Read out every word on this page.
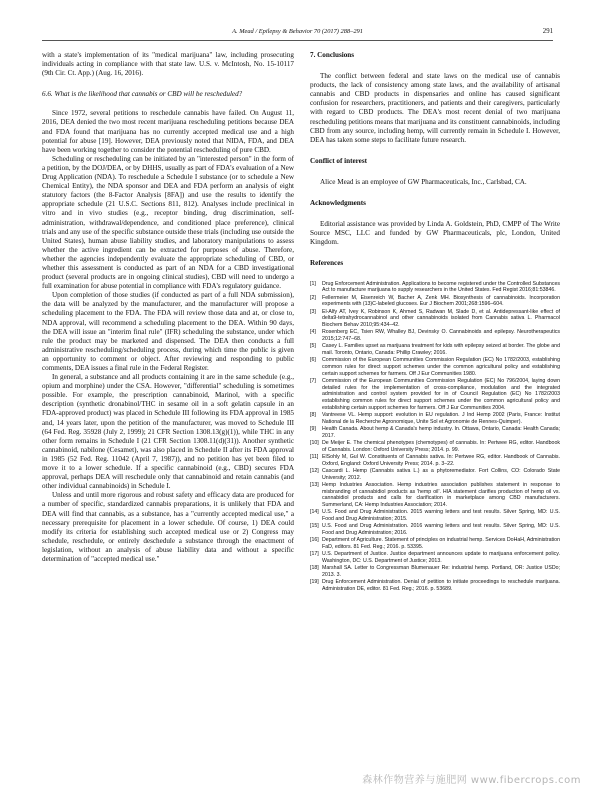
A. Mead / Epilepsy & Behavior 70 (2017) 288–291	291

with a state's implementation of its "medical marijuana" law, including prosecuting individuals acting in compliance with that state law. U.S. v. McIntosh, No. 15-10117 (9th Cir. Ct. App.) (Aug. 16, 2016).

6.6. What is the likelihood that cannabis or CBD will be rescheduled?

Since 1972, several petitions to reschedule cannabis have failed. On August 11, 2016, DEA denied the two most recent marijuana rescheduling petitions because DEA and FDA found that marijuana has no currently accepted medical use and a high potential for abuse [19]. However, DEA previously noted that NIDA, FDA, and DEA have been working together to consider the potential rescheduling of pure CBD.

Scheduling or rescheduling can be initiated by an "interested person" in the form of a petition, by the DOJ/DEA, or by DHHS, usually as part of FDA's evaluation of a New Drug Application (NDA). To reschedule a Schedule I substance (or to schedule a New Chemical Entity), the NDA sponsor and DEA and FDA perform an analysis of eight statutory factors (the 8-Factor Analysis [8FA]) and use the results to identify the appropriate schedule (21 U.S.C. Sections 811, 812). Analyses include preclinical in vitro and in vivo studies (e.g., receptor binding, drug discrimination, self-administration, withdrawal/dependence, and conditioned place preference), clinical trials and any use of the specific substance outside these trials (including use outside the United States), human abuse liability studies, and laboratory manipulations to assess whether the active ingredient can be extracted for purposes of abuse. Therefore, whether the agencies independently evaluate the appropriate scheduling of CBD, or whether this assessment is conducted as part of an NDA for a CBD investigational product (several products are in ongoing clinical studies), CBD will need to undergo a full examination for abuse potential in compliance with FDA's regulatory guidance.

Upon completion of those studies (if conducted as part of a full NDA submission), the data will be analyzed by the manufacturer, and the manufacturer will propose a scheduling placement to the FDA. The FDA will review those data and at, or close to, NDA approval, will recommend a scheduling placement to the DEA. Within 90 days, the DEA will issue an "interim final rule" (IFR) scheduling the substance, under which rule the product may be marketed and dispensed. The DEA then conducts a full administrative rescheduling/scheduling process, during which time the public is given an opportunity to comment or object. After reviewing and responding to public comments, DEA issues a final rule in the Federal Register.

In general, a substance and all products containing it are in the same schedule (e.g., opium and morphine) under the CSA. However, "differential" scheduling is sometimes possible. For example, the prescription cannabinoid, Marinol, with a specific description (synthetic dronabinol/THC in sesame oil in a soft gelatin capsule in an FDA-approved product) was placed in Schedule III following its FDA approval in 1985 and, 14 years later, upon the petition of the manufacturer, was moved to Schedule III (64 Fed. Reg. 35928 (July 2, 1999); 21 CFR Section 1308.13(g)(1)), while THC in any other form remains in Schedule I (21 CFR Section 1308.11(d)(31)). Another synthetic cannabinoid, nabilone (Cesamet), was also placed in Schedule II after its FDA approval in 1985 (52 Fed. Reg. 11042 (April 7, 1987)), and no petition has yet been filed to move it to a lower schedule. If a specific cannabinoid (e.g., CBD) secures FDA approval, perhaps DEA will reschedule only that cannabinoid and retain cannabis (and other individual cannabinoids) in Schedule I.

Unless and until more rigorous and robust safety and efficacy data are produced for a number of specific, standardized cannabis preparations, it is unlikely that FDA and DEA will find that cannabis, as a substance, has a "currently accepted medical use," a necessary prerequisite for placement in a lower schedule. Of course, 1) DEA could modify its criteria for establishing such accepted medical use or 2) Congress may schedule, reschedule, or entirely deschedule a substance through the enactment of legislation, without an analysis of abuse liability data and without a specific determination of "accepted medical use."

7. Conclusions

The conflict between federal and state laws on the medical use of cannabis products, the lack of consistency among state laws, and the availability of artisanal cannabis and CBD products in dispensaries and online has caused significant confusion for researchers, practitioners, and patients and their caregivers, particularly with regard to CBD products. The DEA's most recent denial of two marijuana rescheduling petitions means that marijuana and its constituent cannabinoids, including CBD from any source, including hemp, will currently remain in Schedule I. However, DEA has taken some steps to facilitate future research.

Conflict of interest

Alice Mead is an employee of GW Pharmaceuticals, Inc., Carlsbad, CA.

Acknowledgments

Editorial assistance was provided by Linda A. Goldstein, PhD, CMPP of The Write Source MSC, LLC and funded by GW Pharmaceuticals, plc, London, United Kingdom.

References
[1] Drug Enforcement Administration. Applications to become registered under the Controlled Substances Act to manufacture marijuana to supply researchers in the United States. Fed Regist 2016;81:53846.
[2] Fellermeier M, Eisenreich W, Bacher A, Zenk MH. Biosynthesis of cannabinoids. Incorporation experiments with (13)C-labeled glucoses. Eur J Biochem 2001;268:1596–604.
[3] El-Alfy AT, Ivey K, Robinson K, Ahmed S, Radwan M, Slade D, et al. Antidepressant-like effect of delta9-tetrahydrocannabinol and other cannabinoids isolated from Cannabis sativa L. Pharmacol Biochem Behav 2010;95:434–42.
[4] Rosenberg EC, Tsien RW, Whalley BJ, Devinsky O. Cannabinoids and epilepsy. Neurotherapeutics 2015;12:747–68.
[5] Casey L. Families upset as marijuana treatment for kids with epilepsy seized at border. The globe and mail. Toronto, Ontario, Canada: Phillip Crawley; 2016.
[6] Commission of the European Communities Commission Regulation (EC) No 1782/2003, establishing common rules for direct support schemes under the common agricultural policy and establishing certain support schemes for farmers. Off J Eur Communities 1980.
[7] Commission of the European Communities Commission Regulation (EC) No 796/2004, laying down detailed rules for the implementation of cross-compliance, modulation and the integrated administration and control system provided for in of Council Regulation (EC) No 1782/2003 establishing common rules for direct support schemes under the common agricultural policy and establishing certain support schemes for farmers. Off J Eur Communities 2004.
[8] Vantreese VL. Hemp support: evolution in EU regulation. J Ind Hemp 2002 (Paris, France: Institut National de la Recherche Agronomique, Unite Sol et Agronomie de Rennes-Quimper).
[9] Health Canada. About hemp & Canada's hemp industry. In. Ottawa, Ontario, Canada: Health Canada; 2017.
[10] De Meijer E. The chemical phenotypes (chemotypes) of cannabis. In: Pertwee RG, editor. Handbook of Cannabis. London: Oxford University Press; 2014. p. 99.
[11] ElSohly M, Gul W. Constituents of Cannabis sativa. In: Pertwee RG, editor. Handbook of Cannabis. Oxford, England: Oxford University Press; 2014. p. 3–22.
[12] Cascardi L. Hemp (Cannabis sativa L.) as a phytoremediator. Fort Collins, CO: Colorado State University; 2012.
[13] Hemp Industries Association. Hemp industries association publishes statement in response to misbranding of cannabidiol products as 'hemp oil'. HIA statement clarifies production of hemp oil vs. cannabidiol products and calls for clarification in marketplace among CBD manufacturers. Summerland, CA: Hemp Industries Association; 2014.
[14] U.S. Food and Drug Administration. 2015 warning letters and test results. Silver Spring, MD: U.S. Food and Drug Administration; 2015.
[15] U.S. Food and Drug Administration. 2016 warning letters and test results. Silver Spring, MD: U.S. Food and Drug Administration; 2016.
[16] Department of Agriculture. Statement of principles on industrial hemp. Services DoHaH, Administration FaD, editors. 81 Fed. Reg.; 2016. p. 53395.
[17] U.S. Department of Justice. Justice department announces update to marijuana enforcement policy. Washington, DC: U.S. Department of Justice; 2013.
[18] Marshall SA. Letter to Congressman Blumenauer Re: industrial hemp. Portland, OR: Justice USDo; 2013. 3.
[19] Drug Enforcement Administration. Denial of petition to initiate proceedings to reschedule marijuana. Administration DE, editor. 81 Fed. Reg.; 2016. p. 53689.
森林作物营养与施肥网 www.fibercrops.com
